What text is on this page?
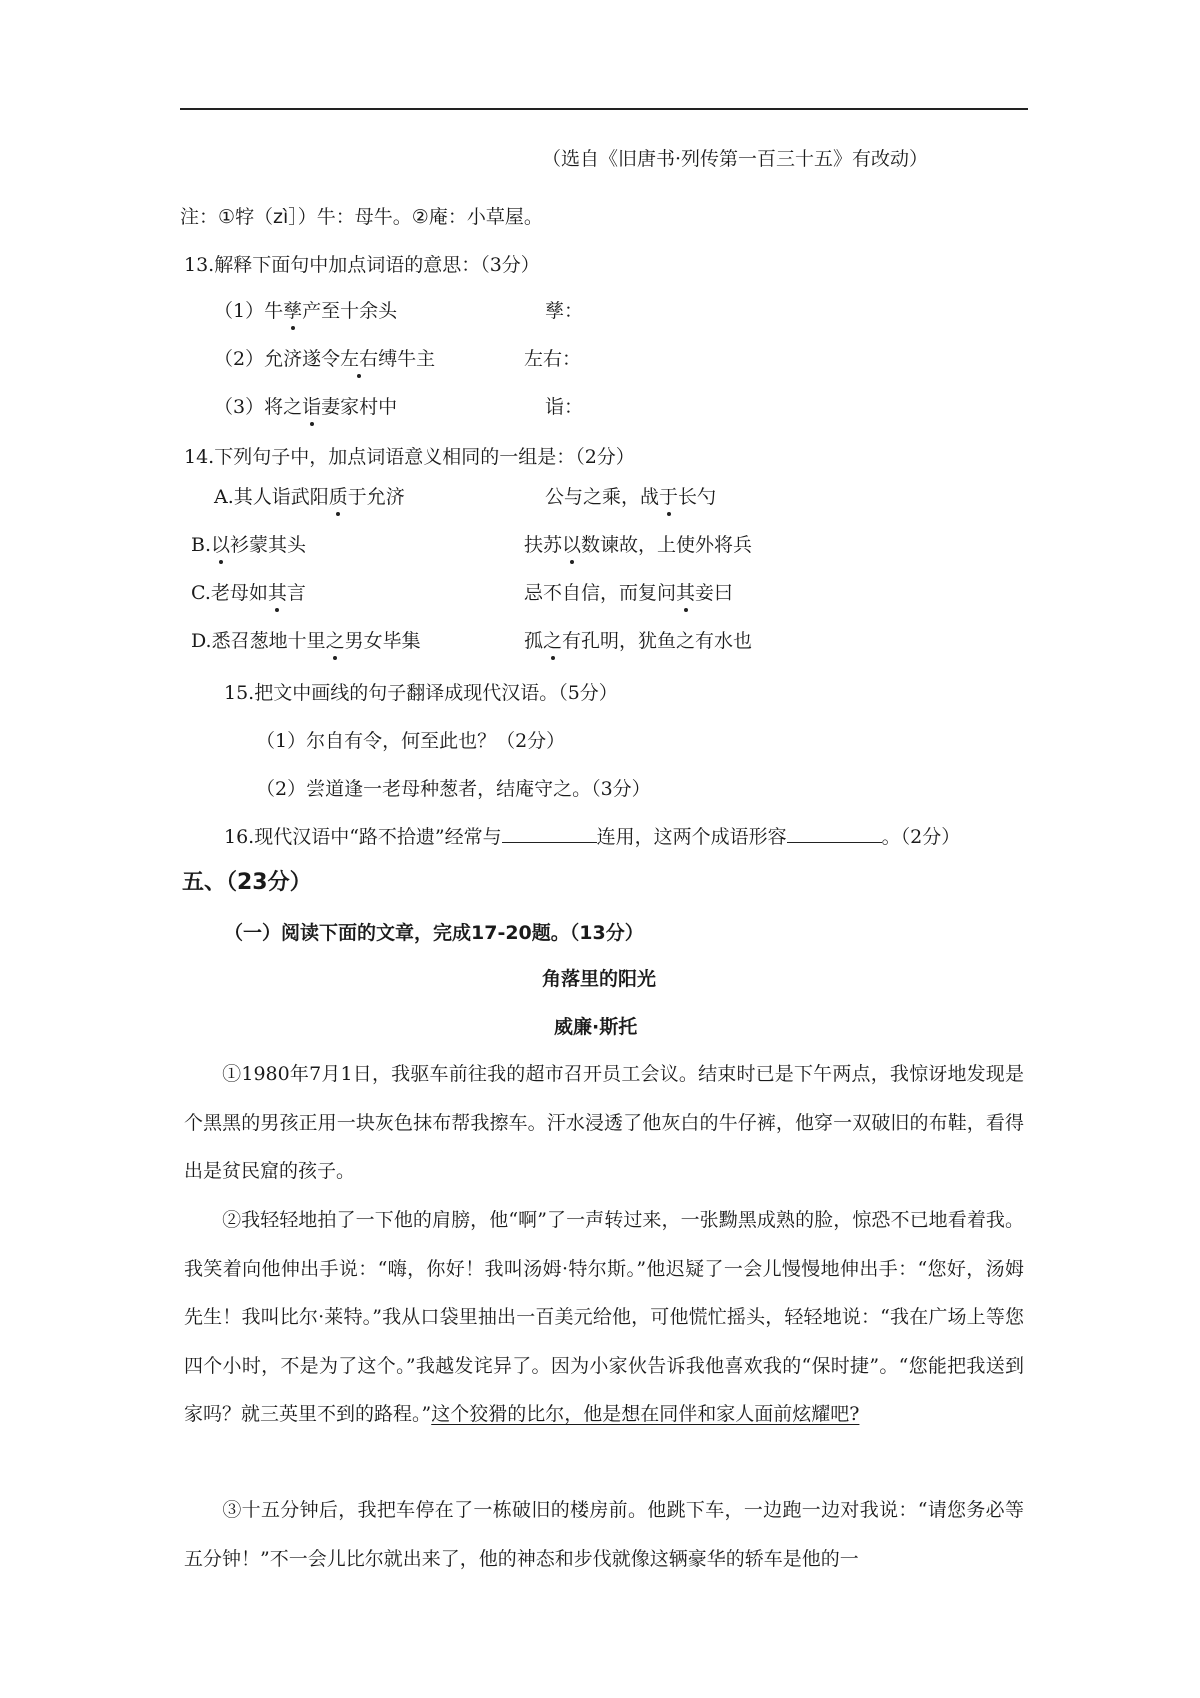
（选自《旧唐书·列传第一百三十五》有改动）
注：①牸（zì］）牛：母牛。②庵：小草屋。
13.解释下面句中加点词语的意思：（3分）
（1）牛孳产至十余头	孳：
（2）允济遂令左右缚牛主	左右：
（3）将之诣妻家村中	诣：
14.下列句子中，加点词语意义相同的一组是：（2分）
A.其人诣武阳质于允济	公与之乘，战于长勺
B.以衫蒙其头	扶苏以数谏故，上使外将兵
C.老母如其言	忌不自信，而复问其妾曰
D.悉召葱地十里之男女毕集	孤之有孔明，犹鱼之有水也
15.把文中画线的句子翻译成现代汉语。（5分）
（1）尔自有令，何至此也？（2分）
（2）尝道逢一老母种葱者，结庵守之。（3分）
16.现代汉语中“路不拾遗”经常与	连用，这两个成语形容	。（2分）
五、（23分）
（一）阅读下面的文章，完成17-20题。（13分）
角落里的阳光
威廉·斯托
①1980年7月1日，我驱车前往我的超市召开员工会议。结束时已是下午两点，我惊讶地发现是个黑黑的男孩正用一块灰色抹布帮我擦车。汗水浸透了他灰白的牛仔裤，他穿一双破旧的布鞋，看得出是贫民窟的孩子。
②我轻轻地拍了一下他的肩膀，他“啊”了一声转过来，一张黝黑成熟的脸，惊恐不已地看着我。我笑着向他伸出手说：“嗨，你好！我叫汤姆·特尔斯。”他迟疑了一会儿慢慢地伸出手：“您好，汤姆先生！我叫比尔·莱特。”我从口袋里抽出一百美元给他，可他慌忙摇头，轻轻地说：“我在广场上等您四个小时，不是为了这个。”我越发诧异了。因为小家伙告诉我他喜欢我的“保时捷”。“您能把我送到家吗？就三英里不到的路程。”这个狡猾的比尔，他是想在同伴和家人面前炫耀吧?
③十五分钟后，我把车停在了一栋破旧的楼房前。他跳下车，一边跑一边对我说：“请您务必等五分钟！”不一会儿比尔就出来了，他的神态和步伐就像这辆豪华的轿车是他的一
